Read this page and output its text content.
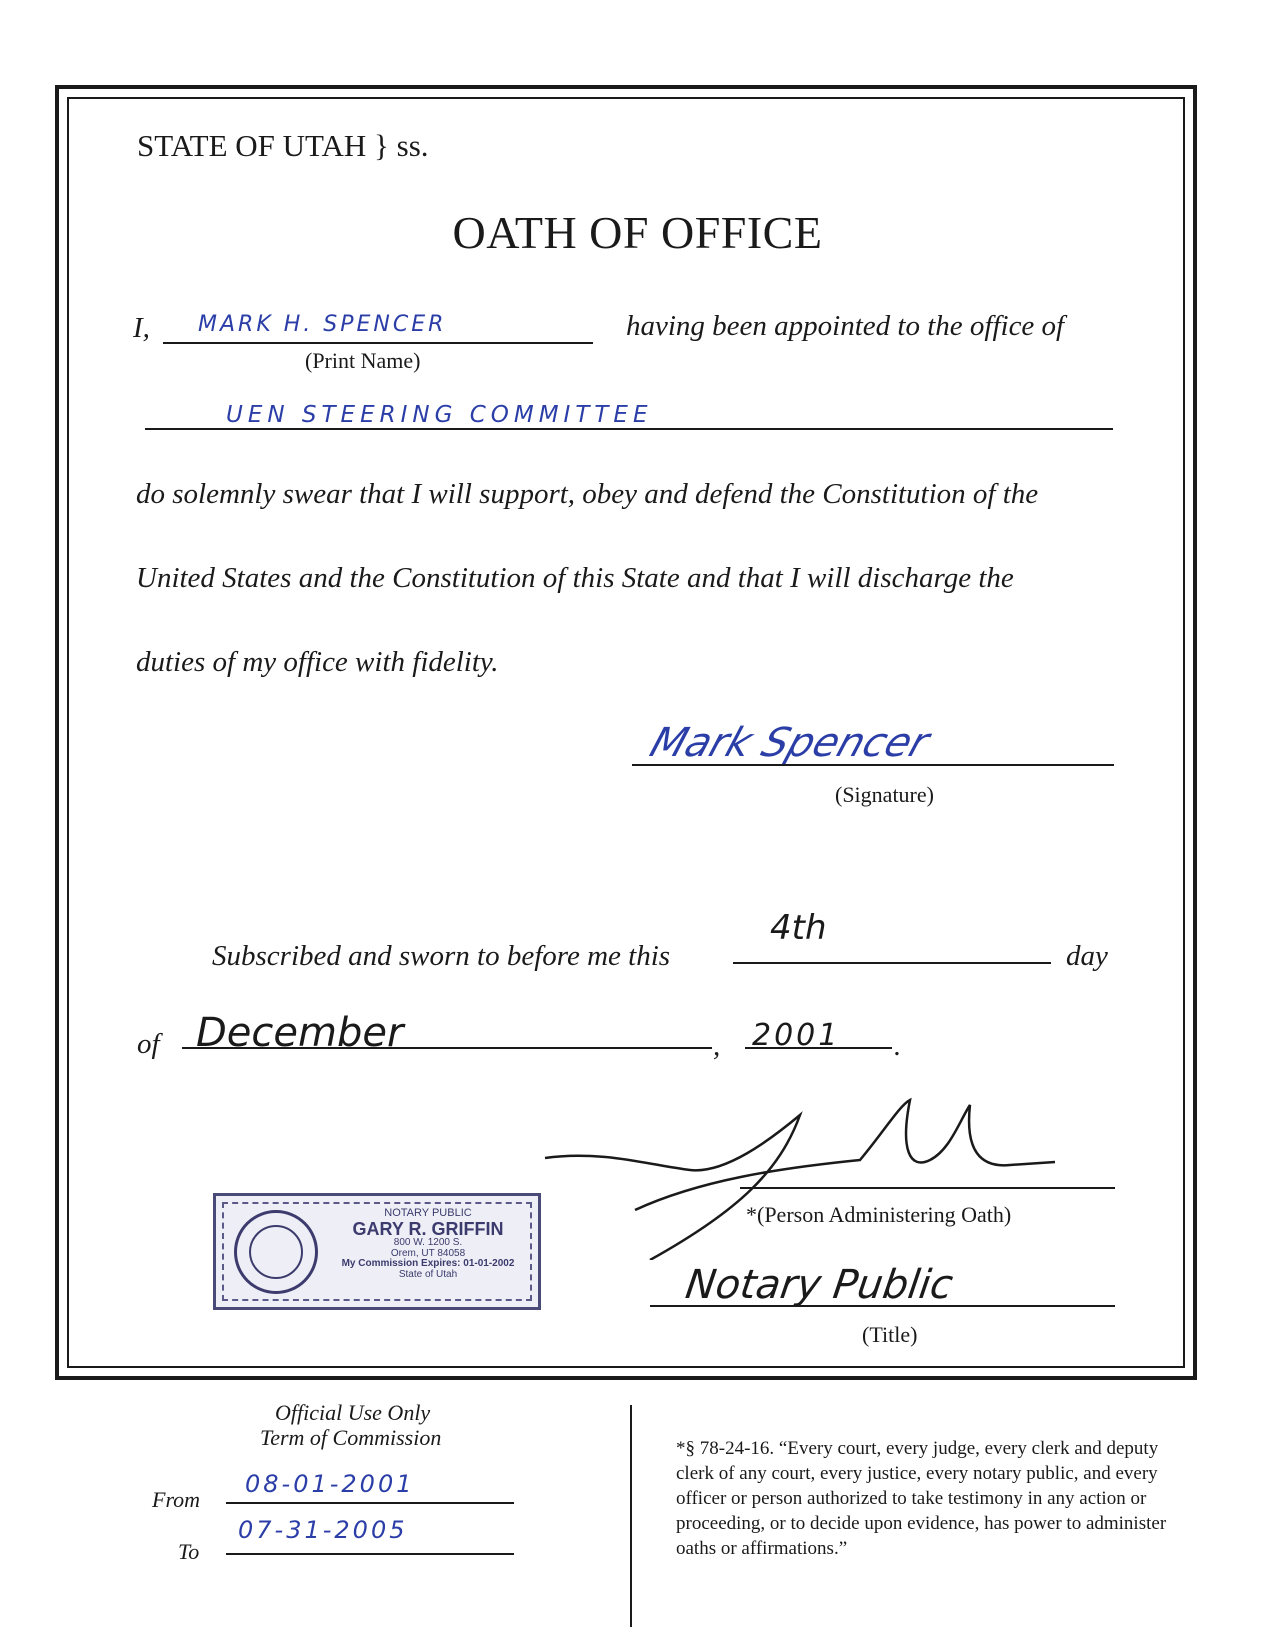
STATE OF UTAH } ss.
OATH OF OFFICE
I, MARK H. SPENCER
(Print Name)
having been appointed to the office of
UEN STEERING COMMITTEE
do solemnly swear that I will support, obey and defend the Constitution of the
United States and the Constitution of this State and that I will discharge the
duties of my office with fidelity.
Mark Spencer
(Signature)
Subscribed and sworn to before me this
4th
day
of December	, 2001 .
*(Person Administering Oath)
Notary Public
(Title)
NOTARY PUBLIC
GARY R. GRIFFIN
800 W. 1200 S.
Orem, UT 84058
My Commission Expires: 01-01-2002
State of Utah
Official Use Only
Term of Commission
From
08-01-2001
To
07-31-2005
*§ 78-24-16. “Every court, every judge, every clerk and deputy clerk of any court, every justice, every notary public, and every officer or person authorized to take testimony in any action or proceeding, or to decide upon evidence, has power to administer oaths or affirmations.”
